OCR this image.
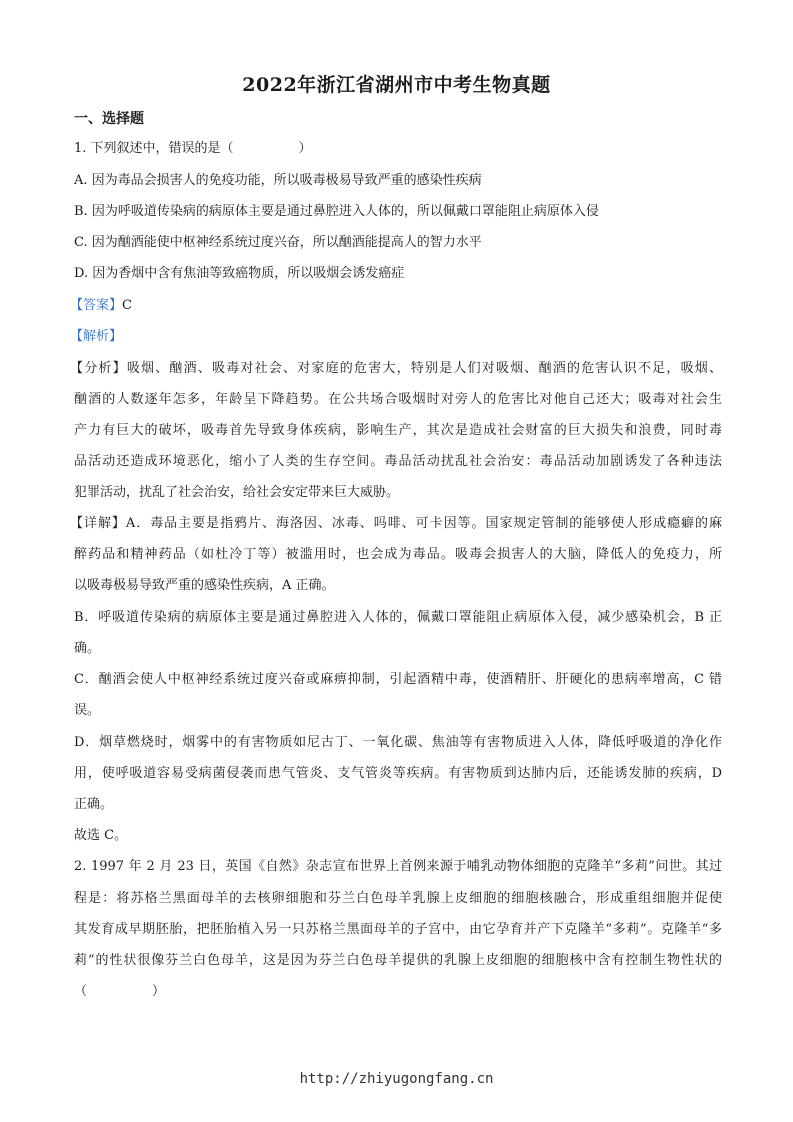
2022年浙江省湖州市中考生物真题
一、选择题
1. 下列叙述中，错误的是（　　　　　）
A. 因为毒品会损害人的免疫功能，所以吸毒极易导致严重的感染性疾病
B. 因为呼吸道传染病的病原体主要是通过鼻腔进入人体的，所以佩戴口罩能阻止病原体入侵
C. 因为酗酒能使中枢神经系统过度兴奋，所以酗酒能提高人的智力水平
D. 因为香烟中含有焦油等致癌物质，所以吸烟会诱发癌症
【答案】C
【解析】
【分析】吸烟、酗酒、吸毒对社会、对家庭的危害大，特别是人们对吸烟、酗酒的危害认识不足，吸烟、
酗酒的人数逐年怎多，年龄呈下降趋势。在公共场合吸烟时对旁人的危害比对他自己还大；吸毒对社会生
产力有巨大的破坏，吸毒首先导致身体疾病，影响生产，其次是造成社会财富的巨大损失和浪费，同时毒
品活动还造成环境恶化，缩小了人类的生存空间。毒品活动扰乱社会治安：毒品活动加剧诱发了各种违法
犯罪活动，扰乱了社会治安，给社会安定带来巨大威胁。
【详解】A．毒品主要是指鸦片、海洛因、冰毒、吗啡、可卡因等。国家规定管制的能够使人形成瘾癖的麻
醉药品和精神药品（如杜冷丁等）被滥用时，也会成为毒品。吸毒会损害人的大脑，降低人的免疫力，所
以吸毒极易导致严重的感染性疾病，A 正确。
B．呼吸道传染病的病原体主要是通过鼻腔进入人体的，佩戴口罩能阻止病原体入侵，减少感染机会，B 正
确。
C．酗酒会使人中枢神经系统过度兴奋或麻痹抑制，引起酒精中毒，使酒精肝、肝硬化的患病率增高，C 错
误。
D．烟草燃烧时，烟雾中的有害物质如尼古丁、一氧化碳、焦油等有害物质进入人体，降低呼吸道的净化作
用，使呼吸道容易受病菌侵袭而患气管炎、支气管炎等疾病。有害物质到达肺内后，还能诱发肺的疾病，D
正确。
故选 C。
2. 1997 年 2 月 23 日，英国《自然》杂志宣布世界上首例来源于哺乳动物体细胞的克隆羊“多莉”问世。其过
程是：将苏格兰黑面母羊的去核卵细胞和芬兰白色母羊乳腺上皮细胞的细胞核融合，形成重组细胞并促使
其发育成早期胚胎，把胚胎植入另一只苏格兰黑面母羊的子宫中，由它孕育并产下克隆羊“多莉”。克隆羊“多
莉”的性状很像芬兰白色母羊，这是因为芬兰白色母羊提供的乳腺上皮细胞的细胞核中含有控制生物性状的
（　　　　　）
http://zhiyugongfang.cn
